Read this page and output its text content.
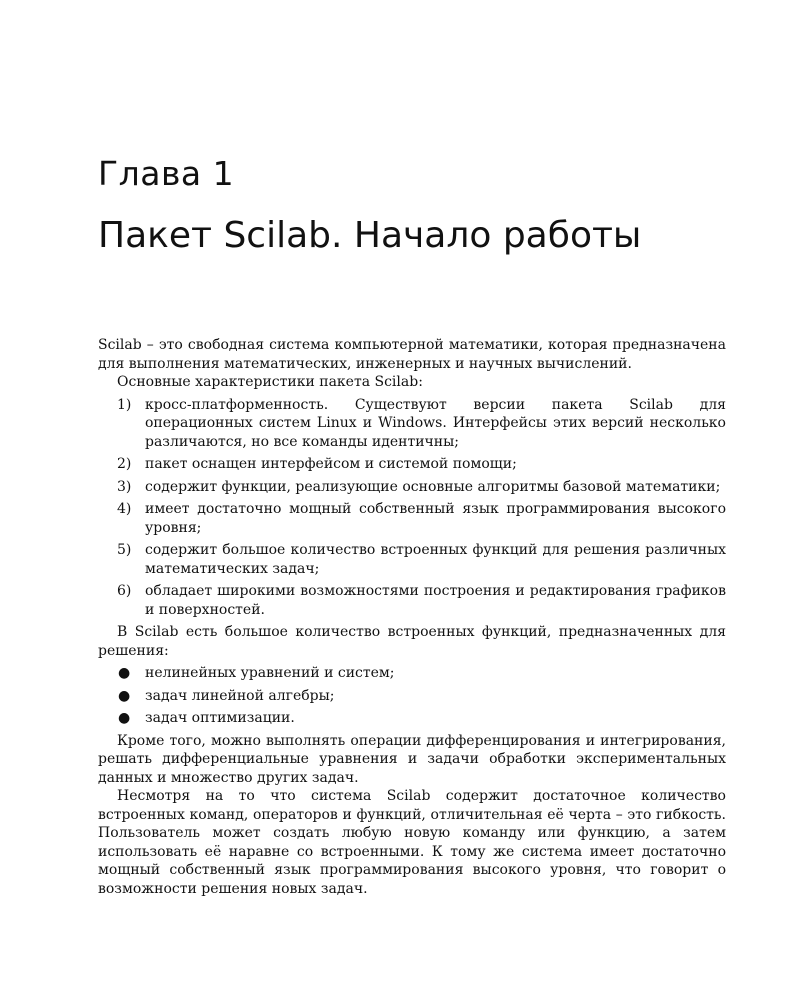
Глава 1
Пакет Scilab. Начало работы

Scilab – это свободная система компьютерной математики, которая предназначена для выполнения математических, инженерных и научных вычислений.

Основные характеристики пакета Scilab:

1) кросс-платформенность. Существуют версии пакета Scilab для операционных систем Linux и Windows. Интерфейсы этих версий несколько различаются, но все команды идентичны;
2) пакет оснащен интерфейсом и системой помощи;
3) содержит функции, реализующие основные алгоритмы базовой математики;
4) имеет достаточно мощный собственный язык программирования высокого уровня;
5) содержит большое количество встроенных функций для решения различных математических задач;
6) обладает широкими возможностями построения и редактирования графиков и поверхностей.

В Scilab есть большое количество встроенных функций, предназначенных для решения:

● нелинейных уравнений и систем;
● задач линейной алгебры;
● задач оптимизации.

Кроме того, можно выполнять операции дифференцирования и интегрирования, решать дифференциальные уравнения и задачи обработки экспериментальных данных и множество других задач.

Несмотря на то что система Scilab содержит достаточное количество встроенных команд, операторов и функций, отличительная её черта – это гибкость. Пользователь может создать любую новую команду или функцию, а затем использовать её наравне со встроенными. К тому же система имеет достаточно мощный собственный язык программирования высокого уровня, что говорит о возможности решения новых задач.
